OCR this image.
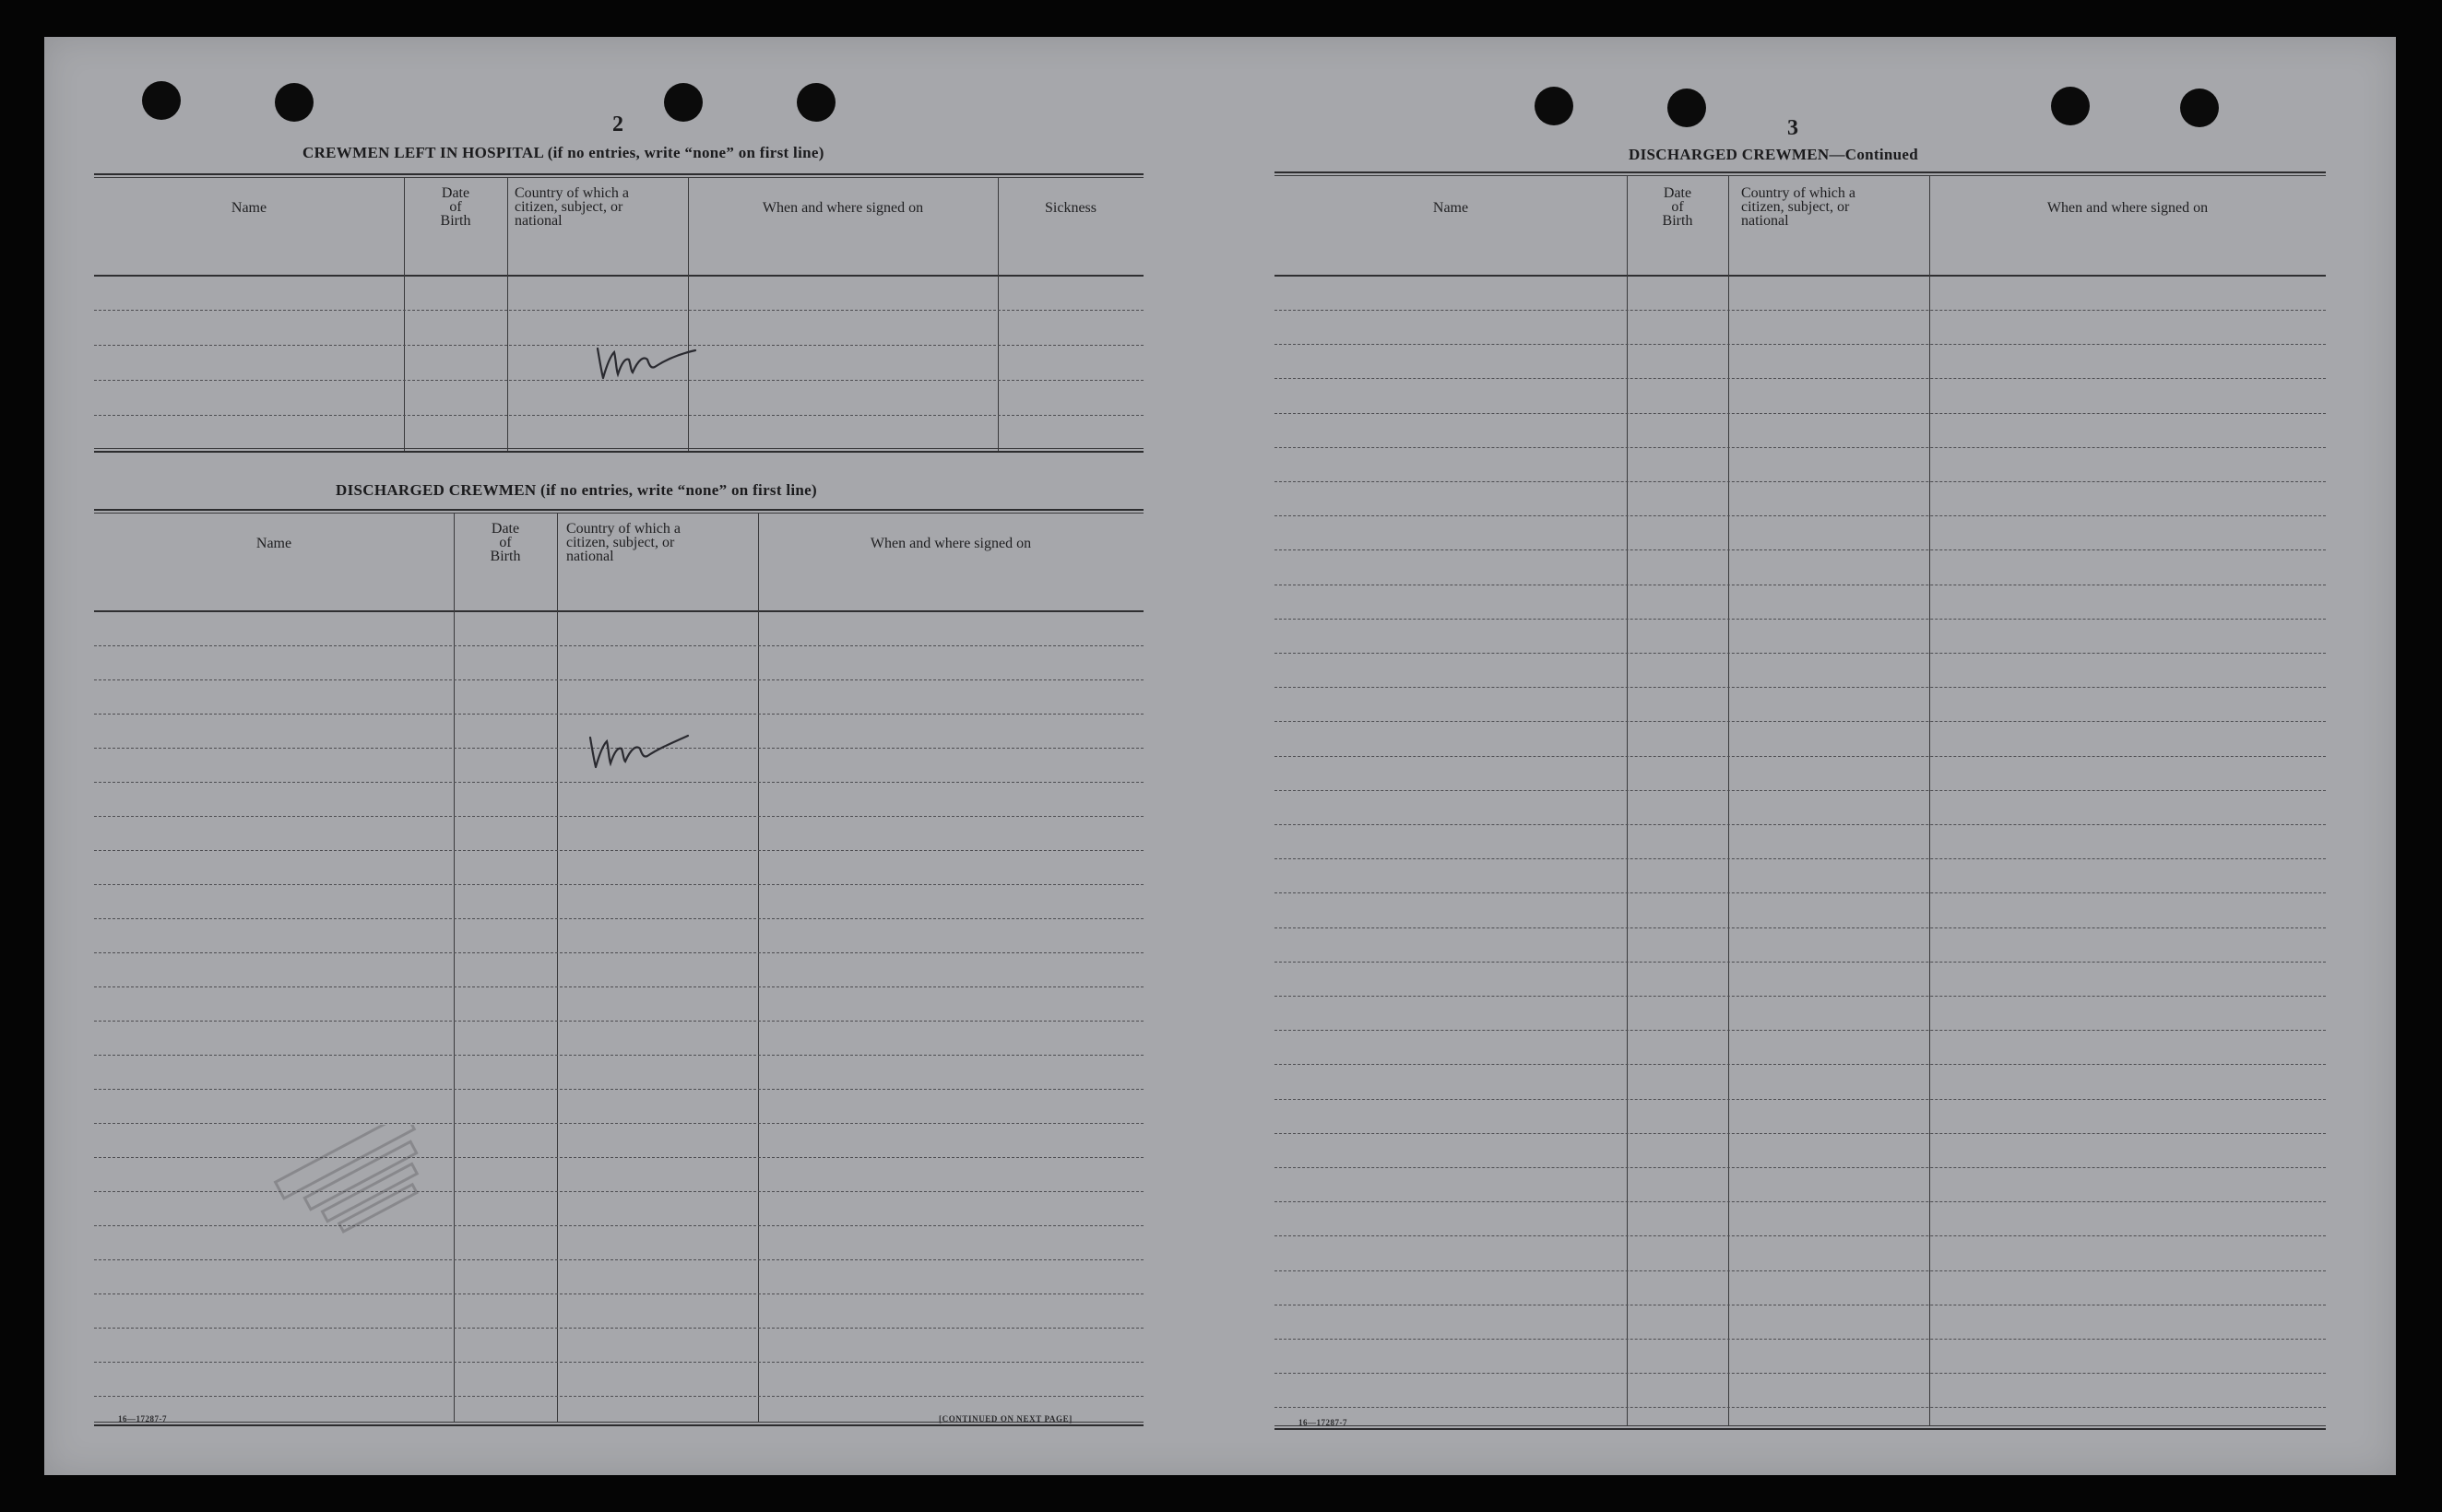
2
CREWMEN LEFT IN HOSPITAL (if no entries, write “none” on first line)
Name
Date
of
Birth
Country of which a
citizen, subject, or
national
When and where signed on	Sickness
DISCHARGED CREWMEN (if no entries, write “none” on first line)
Name
Date
of
Birth
Country of which a
citizen, subject, or
national
When and where signed on
16—17287-7	[CONTINUED ON NEXT PAGE]
3
DISCHARGED CREWMEN—Continued
Name
Date
of
Birth
Country of which a
citizen, subject, or
national
When and where signed on
16—17287-7
